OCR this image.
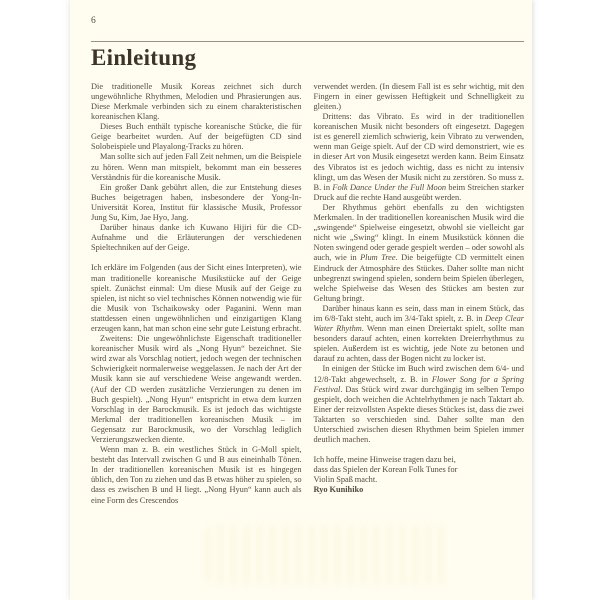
6
Einleitung

Die traditionelle Musik Koreas zeichnet sich durch ungewöhnliche Rhythmen, Melodien und Phrasierungen aus. Diese Merkmale verbinden sich zu einem charakteristischen koreanischen Klang.

Dieses Buch enthält typische koreanische Stücke, die für Geige bearbeitet wurden. Auf der beigefügten CD sind Solobeispiele und Playalong-Tracks zu hören.

Man sollte sich auf jeden Fall Zeit nehmen, um die Beispiele zu hören. Wenn man mitspielt, bekommt man ein besseres Verständnis für die koreanische Musik.

Ein großer Dank gebührt allen, die zur Entstehung dieses Buches beigetragen haben, insbesondere der Yong-In-Universität Korea, Institut für klassische Musik, Professor Jung Su, Kim, Jae Hyo, Jang.

Darüber hinaus danke ich Kuwano Hijiri für die CD-Aufnahme und die Erläuterungen der verschiedenen Spieltechniken auf der Geige.

Ich erkläre im Folgenden (aus der Sicht eines Interpreten), wie man traditionelle koreanische Musikstücke auf der Geige spielt. Zunächst einmal: Um diese Musik auf der Geige zu spielen, ist nicht so viel technisches Können notwendig wie für die Musik von Tschaikowsky oder Paganini. Wenn man stattdessen einen ungewöhnlichen und einzigartigen Klang erzeugen kann, hat man schon eine sehr gute Leistung erbracht.

Zweitens: Die ungewöhnlichste Eigenschaft traditioneller koreanischer Musik wird als „Nong Hyun“ bezeichnet. Sie wird zwar als Vorschlag notiert, jedoch wegen der technischen Schwierigkeit normalerweise weggelassen. Je nach der Art der Musik kann sie auf verschiedene Weise angewandt werden. (Auf der CD werden zusätzliche Verzierungen zu denen im Buch gespielt). „Nong Hyun“ entspricht in etwa dem kurzen Vorschlag in der Barockmusik. Es ist jedoch das wichtigste Merkmal der traditionellen koreanischen Musik – im Gegensatz zur Barockmusik, wo der Vorschlag lediglich Verzierungszwecken diente.

Wenn man z. B. ein westliches Stück in G-Moll spielt, besteht das Intervall zwischen G und B aus eineinhalb Tönen. In der traditionellen koreanischen Musik ist es hingegen üblich, den Ton zu ziehen und das B etwas höher zu spielen, so dass es zwischen B und H liegt. „Nong Hyun“ kann auch als eine Form des Crescendos

verwendet werden. (In diesem Fall ist es sehr wichtig, mit den Fingern in einer gewissen Heftigkeit und Schnelligkeit zu gleiten.)

Drittens: das Vibrato. Es wird in der traditionellen koreanischen Musik nicht besonders oft eingesetzt. Dagegen ist es generell ziemlich schwierig, kein Vibrato zu verwenden, wenn man Geige spielt. Auf der CD wird demonstriert, wie es in dieser Art von Musik eingesetzt werden kann. Beim Einsatz des Vibratos ist es jedoch wichtig, dass es nicht zu intensiv klingt, um das Wesen der Musik nicht zu zerstören. So muss z. B. in Folk Dance Under the Full Moon beim Streichen starker Druck auf die rechte Hand ausgeübt werden.

Der Rhythmus gehört ebenfalls zu den wichtigsten Merkmalen. In der traditionellen koreanischen Musik wird die „swingende“ Spielweise eingesetzt, obwohl sie vielleicht gar nicht wie „Swing“ klingt. In einem Musikstück können die Noten swingend oder gerade gespielt werden – oder sowohl als auch, wie in Plum Tree. Die beigefügte CD vermittelt einen Eindruck der Atmosphäre des Stückes. Daher sollte man nicht unbegrenzt swingend spielen, sondern beim Spielen überlegen, welche Spielweise das Wesen des Stückes am besten zur Geltung bringt.

Darüber hinaus kann es sein, dass man in einem Stück, das im 6/8-Takt steht, auch im 3/4-Takt spielt, z. B. in Deep Clear Water Rhythm. Wenn man einen Dreiertakt spielt, sollte man besonders darauf achten, einen korrekten Dreierrhythmus zu spielen. Außerdem ist es wichtig, jede Note zu betonen und darauf zu achten, dass der Bogen nicht zu locker ist.

In einigen der Stücke im Buch wird zwischen dem 6/4- und 12/8-Takt abgewechselt, z. B. in Flower Song for a Spring Festival. Das Stück wird zwar durchgängig im selben Tempo gespielt, doch weichen die Achtelrhythmen je nach Taktart ab. Einer der reizvollsten Aspekte dieses Stückes ist, dass die zwei Taktarten so verschieden sind. Daher sollte man den Unterschied zwischen diesen Rhythmen beim Spielen immer deutlich machen.

Ich hoffe, meine Hinweise tragen dazu bei,

dass das Spielen der Korean Folk Tunes for

Violin Spaß macht.

Ryo Kunihiko
